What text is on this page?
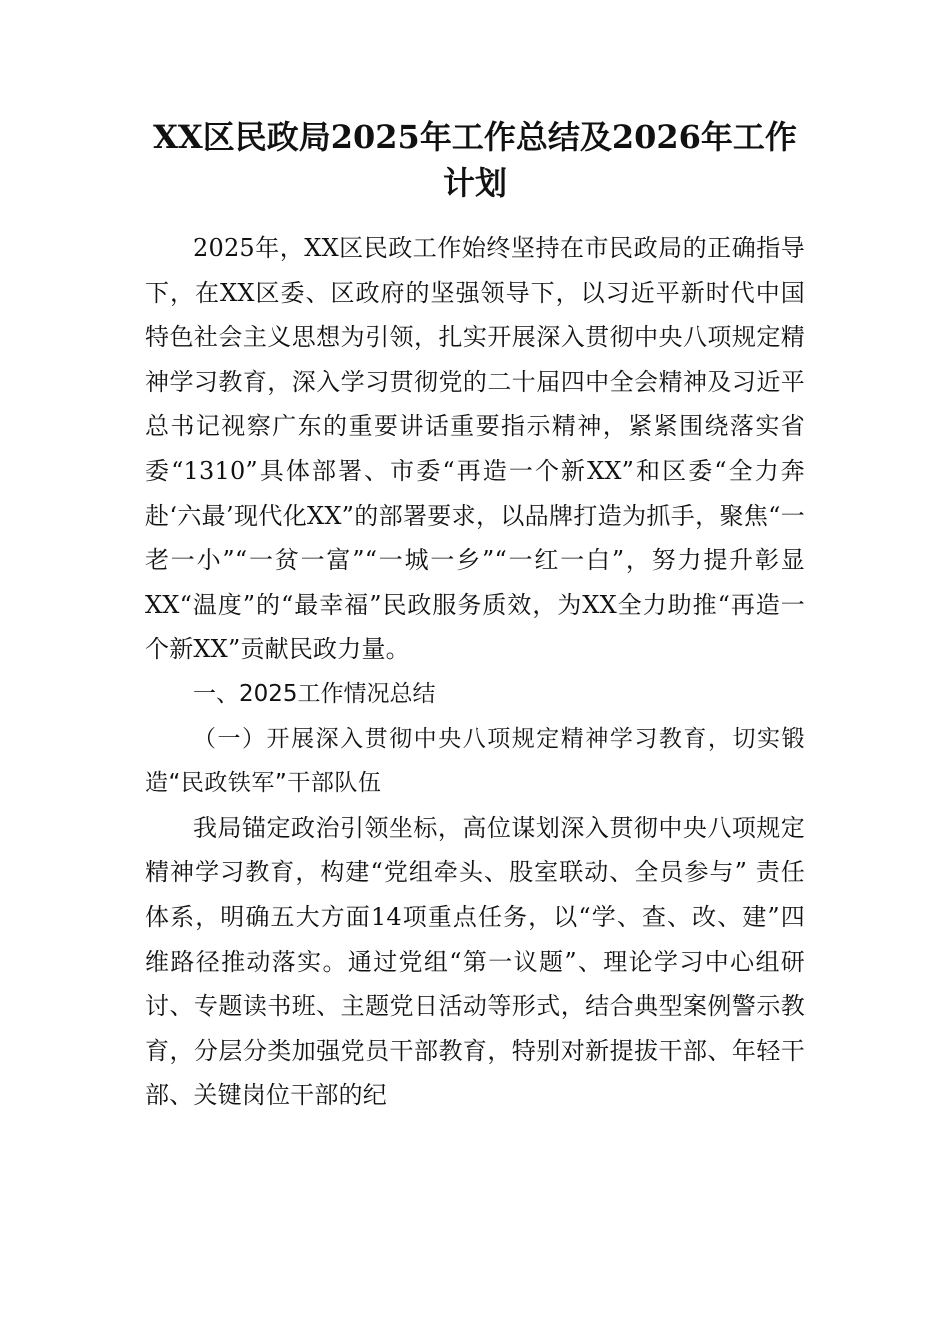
XX区民政局2025年工作总结及2026年工作计划

2025年，XX区民政工作始终坚持在市民政局的正确指导下，在XX区委、区政府的坚强领导下，以习近平新时代中国特色社会主义思想为引领，扎实开展深入贯彻中央八项规定精神学习教育，深入学习贯彻党的二十届四中全会精神及习近平总书记视察广东的重要讲话重要指示精神，紧紧围绕落实省委“1310”具体部署、市委“再造一个新XX”和区委“全力奔赴‘六最’现代化XX”的部署要求，以品牌打造为抓手，聚焦“一老一小”“一贫一富”“一城一乡”“一红一白”，努力提升彰显XX“温度”的“最幸福”民政服务质效，为XX全力助推“再造一个新XX”贡献民政力量。

一、2025工作情况总结

（一）开展深入贯彻中央八项规定精神学习教育，切实锻造“民政铁军”干部队伍

我局锚定政治引领坐标，高位谋划深入贯彻中央八项规定精神学习教育，构建“党组牵头、股室联动、全员参与” 责任体系，明确五大方面14项重点任务，以“学、查、改、建”四维路径推动落实。通过党组“第一议题”、理论学习中心组研讨、专题读书班、主题党日活动等形式，结合典型案例警示教育，分层分类加强党员干部教育，特别对新提拔干部、年轻干部、关键岗位干部的纪
